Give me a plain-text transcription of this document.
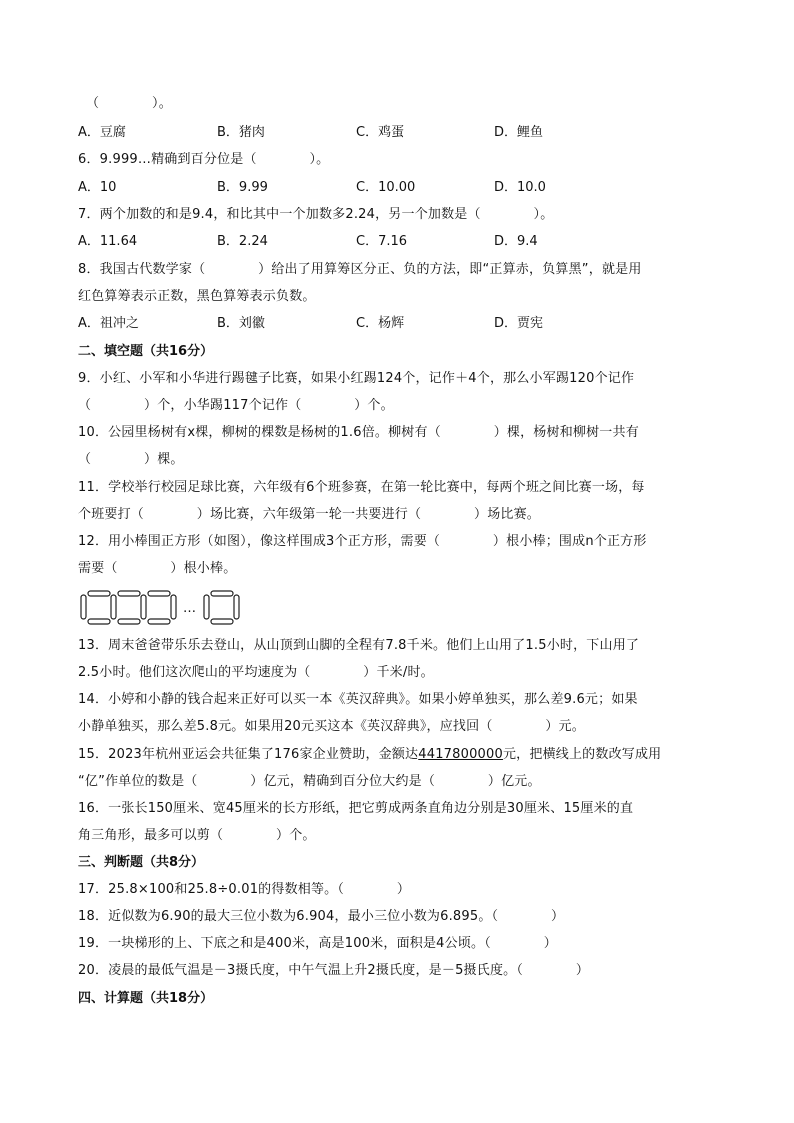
（　　　　）。
A．豆腐	B．猪肉	C．鸡蛋	D．鲤鱼
6．9.999…精确到百分位是（　　　　）。
A．10	B．9.99	C．10.00	D．10.0
7．两个加数的和是9.4，和比其中一个加数多2.24，另一个加数是（　　　　）。
A．11.64	B．2.24	C．7.16	D．9.4
8．我国古代数学家（　　　　）给出了用算筹区分正、负的方法，即“正算赤，负算黑”，就是用
红色算筹表示正数，黑色算筹表示负数。
A．祖冲之	B．刘徽	C．杨辉	D．贾宪
二、填空题（共16分）
9．小红、小军和小华进行踢毽子比赛，如果小红踢124个，记作＋4个，那么小军踢120个记作
（　　　　）个，小华踢117个记作（　　　　）个。
10．公园里杨树有x棵，柳树的棵数是杨树的1.6倍。柳树有（　　　　）棵，杨树和柳树一共有
（　　　　）棵。
11．学校举行校园足球比赛，六年级有6个班参赛，在第一轮比赛中，每两个班之间比赛一场，每
个班要打（　　　　）场比赛，六年级第一轮一共要进行（　　　　）场比赛。
12．用小棒围正方形（如图），像这样围成3个正方形，需要（　　　　）根小棒；围成n个正方形
需要（　　　　）根小棒。
…
13．周末爸爸带乐乐去登山，从山顶到山脚的全程有7.8千米。他们上山用了1.5小时，下山用了
2.5小时。他们这次爬山的平均速度为（　　　　）千米/时。
14．小婷和小静的钱合起来正好可以买一本《英汉辞典》。如果小婷单独买，那么差9.6元；如果
小静单独买，那么差5.8元。如果用20元买这本《英汉辞典》，应找回（　　　　）元。
15．2023年杭州亚运会共征集了176家企业赞助，金额达4417800000元，把横线上的数改写成用
“亿”作单位的数是（　　　　）亿元，精确到百分位大约是（　　　　）亿元。
16．一张长150厘米、宽45厘米的长方形纸，把它剪成两条直角边分别是30厘米、15厘米的直
角三角形，最多可以剪（　　　　）个。
三、判断题（共8分）
17．25.8×100和25.8÷0.01的得数相等。（　　　　）
18．近似数为6.90的最大三位小数为6.904，最小三位小数为6.895。（　　　　）
19．一块梯形的上、下底之和是400米，高是100米，面积是4公顷。（　　　　）
20．凌晨的最低气温是－3摄氏度，中午气温上升2摄氏度，是－5摄氏度。（　　　　）
四、计算题（共18分）
